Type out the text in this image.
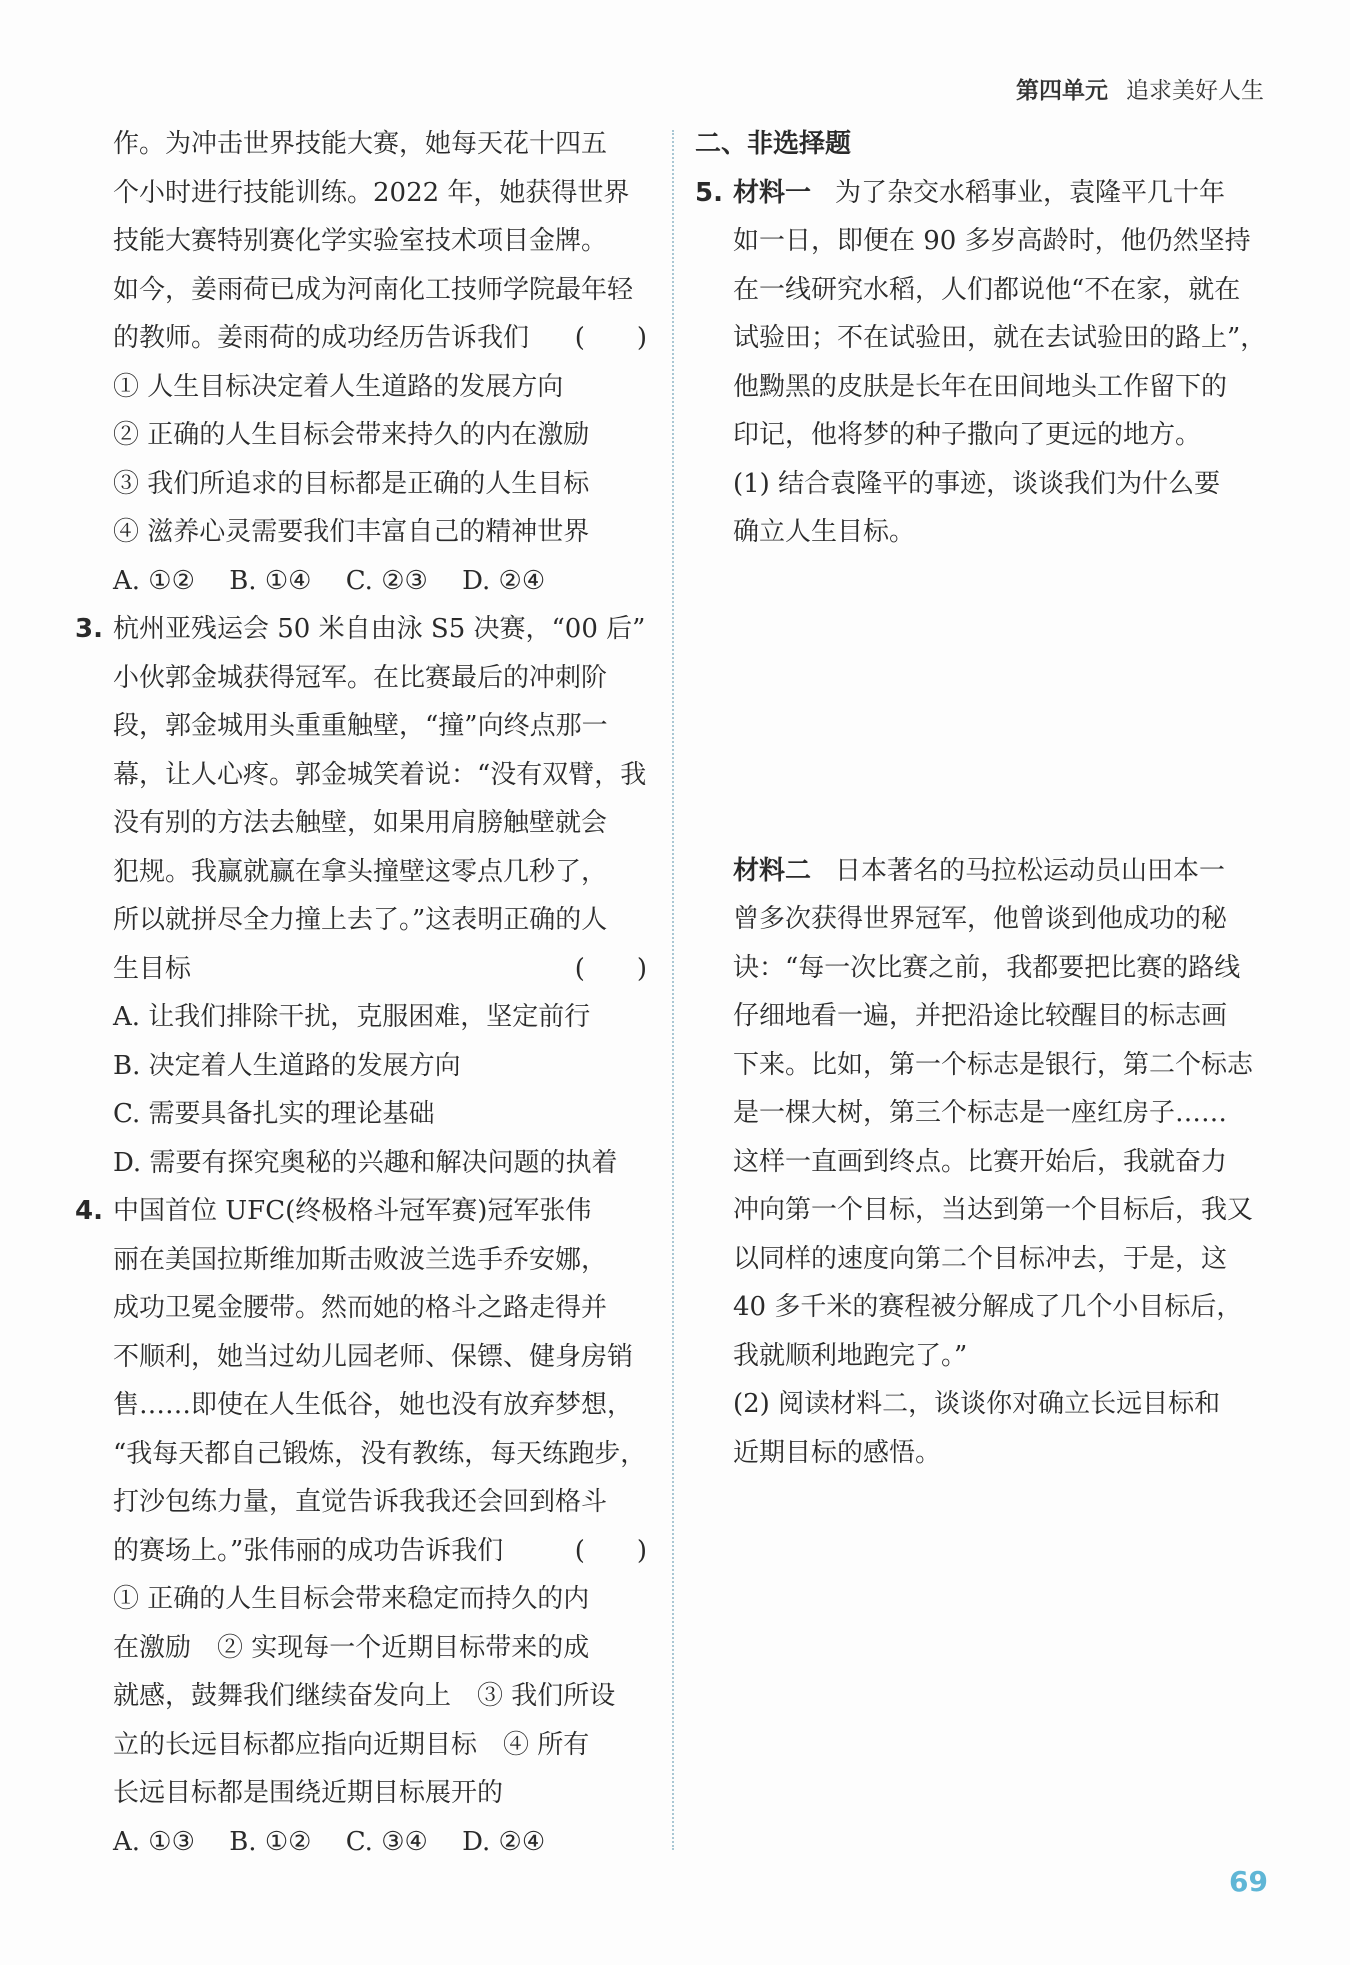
第四单元 追求美好人生

作。为冲击世界技能大赛，她每天花十四五

个小时进行技能训练。2022 年，她获得世界

技能大赛特别赛化学实验室技术项目金牌。

如今，姜雨荷已成为河南化工技师学院最年轻

的教师。姜雨荷的成功经历告诉我们 (　　)

① 人生目标决定着人生道路的发展方向

② 正确的人生目标会带来持久的内在激励

③ 我们所追求的目标都是正确的人生目标

④ 滋养心灵需要我们丰富自己的精神世界

A. ①②　 B. ①④　 C. ②③　 D. ②④

3. 杭州亚残运会 50 米自由泳 S5 决赛，“00 后”

小伙郭金城获得冠军。在比赛最后的冲刺阶

段，郭金城用头重重触壁，“撞”向终点那一

幕，让人心疼。郭金城笑着说：“没有双臂，我

没有别的方法去触壁，如果用肩膀触壁就会

犯规。我赢就赢在拿头撞壁这零点几秒了，

所以就拼尽全力撞上去了。”这表明正确的人

生目标	(　　)

A. 让我们排除干扰，克服困难，坚定前行

B. 决定着人生道路的发展方向

C. 需要具备扎实的理论基础

D. 需要有探究奥秘的兴趣和解决问题的执着

4. 中国首位 UFC(终极格斗冠军赛)冠军张伟

丽在美国拉斯维加斯击败波兰选手乔安娜，

成功卫冕金腰带。然而她的格斗之路走得并

不顺利，她当过幼儿园老师、保镖、健身房销

售……即使在人生低谷，她也没有放弃梦想，

“我每天都自己锻炼，没有教练，每天练跑步，

打沙包练力量，直觉告诉我我还会回到格斗

的赛场上。”张伟丽的成功告诉我们	(　　)

① 正确的人生目标会带来稳定而持久的内

在激励　② 实现每一个近期目标带来的成

就感，鼓舞我们继续奋发向上　③ 我们所设

立的长远目标都应指向近期目标　④ 所有

长远目标都是围绕近期目标展开的

A. ①③　 B. ①②　 C. ③④　 D. ②④

二、非选择题

5. 材料一 为了杂交水稻事业，袁隆平几十年

如一日，即便在 90 多岁高龄时，他仍然坚持

在一线研究水稻，人们都说他“不在家，就在

试验田；不在试验田，就在去试验田的路上”，

他黝黑的皮肤是长年在田间地头工作留下的

印记，他将梦的种子撒向了更远的地方。

(1) 结合袁隆平的事迹，谈谈我们为什么要

确立人生目标。

材料二 日本著名的马拉松运动员山田本一

曾多次获得世界冠军，他曾谈到他成功的秘

诀：“每一次比赛之前，我都要把比赛的路线

仔细地看一遍，并把沿途比较醒目的标志画

下来。比如，第一个标志是银行，第二个标志

是一棵大树，第三个标志是一座红房子……

这样一直画到终点。比赛开始后，我就奋力

冲向第一个目标，当达到第一个目标后，我又

以同样的速度向第二个目标冲去，于是，这

40 多千米的赛程被分解成了几个小目标后，

我就顺利地跑完了。”

(2) 阅读材料二，谈谈你对确立长远目标和

近期目标的感悟。

69
